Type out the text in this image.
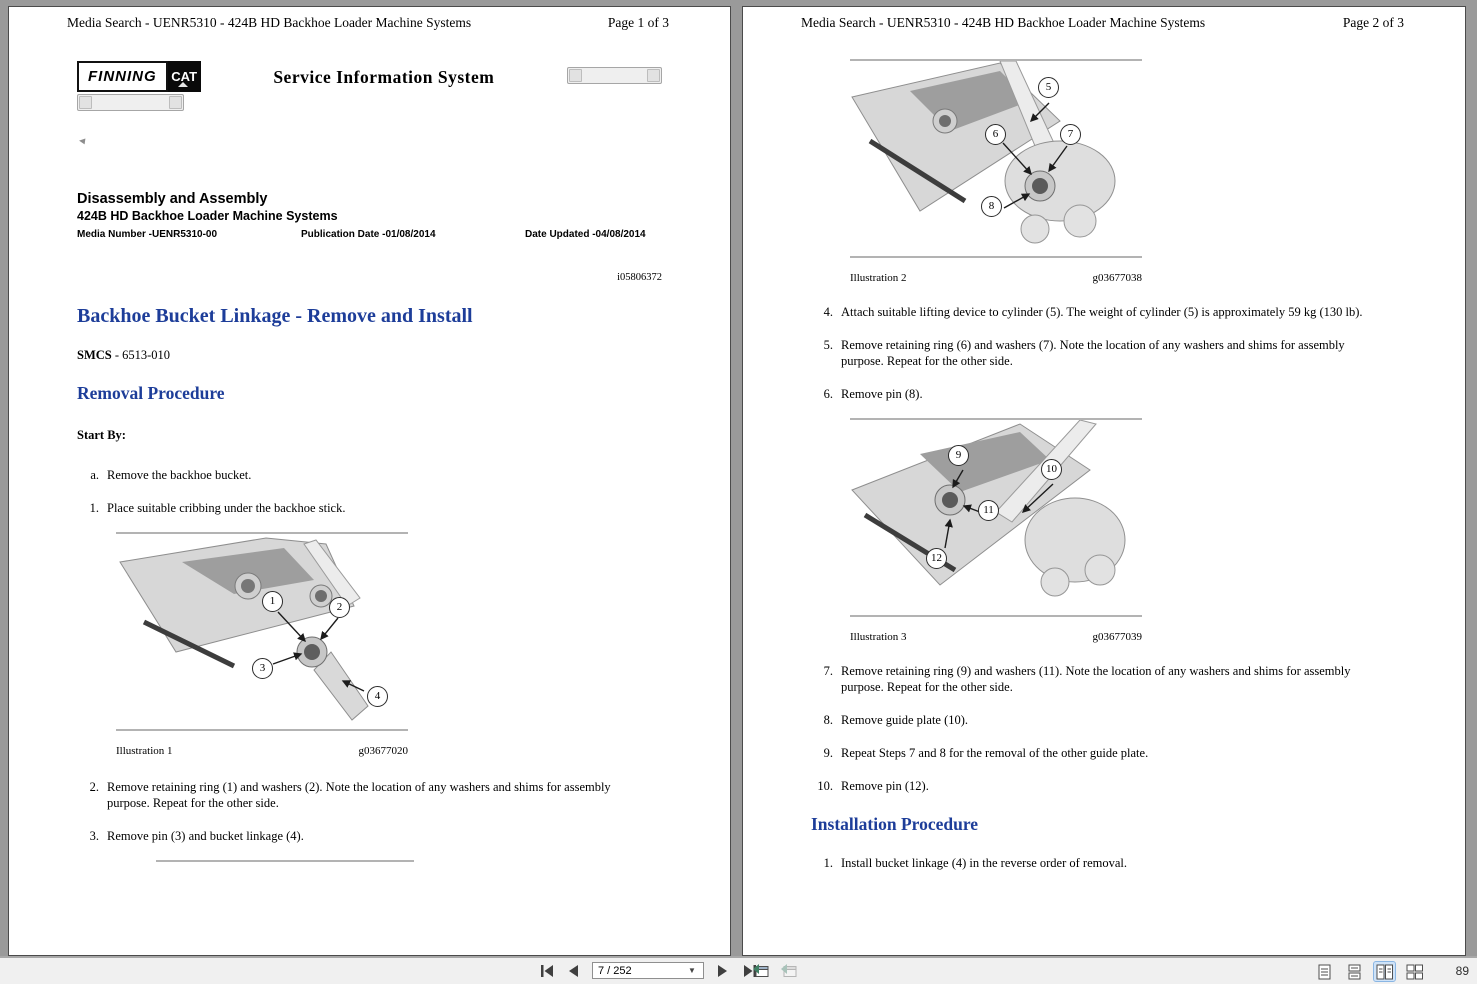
Media Search - UENR5310 - 424B HD Backhoe Loader Machine Systems	Page 1 of 3
FINNING	CAT
◄
Service Information System
Disassembly and Assembly
424B HD Backhoe Loader Machine Systems
Media Number -UENR5310-00	Publication Date -01/08/2014	Date Updated -04/08/2014
i05806372
Backhoe Bucket Linkage - Remove and Install

SMCS - 6513-010

Removal Procedure

Start By:

a. Remove the backhoe bucket.
1. Place suitable cribbing under the backhoe stick.
1	2
3
4
Illustration 1	g03677020
2. Remove retaining ring (1) and washers (2). Note the location of any washers and shims for assembly purpose. Repeat for the other side.
3. Remove pin (3) and bucket linkage (4).
Media Search - UENR5310 - 424B HD Backhoe Loader Machine Systems	Page 2 of 3
5
6	7
8
Illustration 2	g03677038
4. Attach suitable lifting device to cylinder (5). The weight of cylinder (5) is approximately 59 kg (130 lb).
5. Remove retaining ring (6) and washers (7). Note the location of any washers and shims for assembly purpose. Repeat for the other side.
6. Remove pin (8).
9
10
11
12
Illustration 3	g03677039
7. Remove retaining ring (9) and washers (11). Note the location of any washers and shims for assembly purpose. Repeat for the other side.
8. Remove guide plate (10).
9. Repeat Steps 7 and 8 for the removal of the other guide plate.
10. Remove pin (12).
Installation Procedure
1. Install bucket linkage (4) in the reverse order of removal.
7 / 252
▼	89
